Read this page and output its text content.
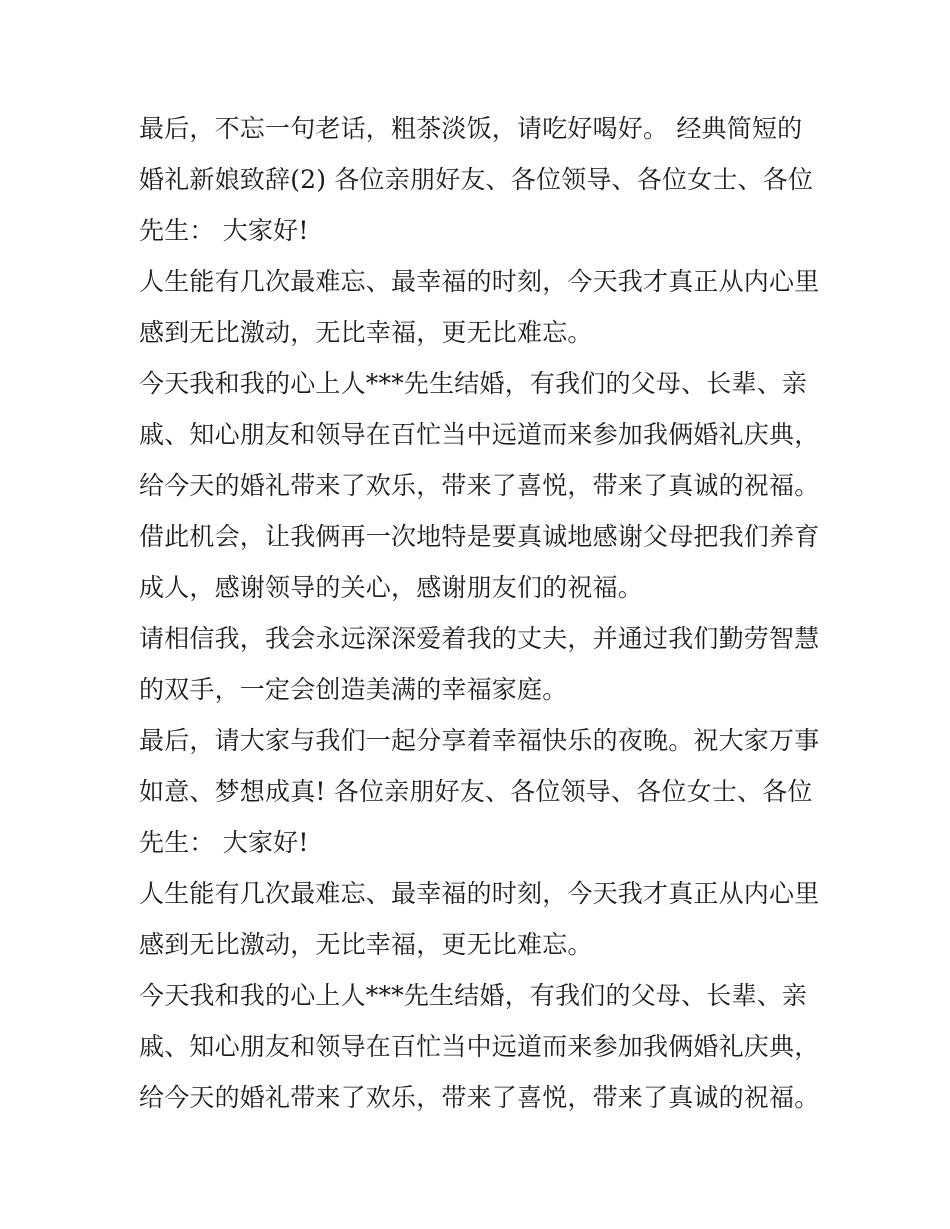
最后，不忘一句老话，粗茶淡饭，请吃好喝好。 经典简短的
婚礼新娘致辞(2) 各位亲朋好友、各位领导、各位女士、各位
先生： 大家好!
人生能有几次最难忘、最幸福的时刻，今天我才真正从内心里
感到无比激动，无比幸福，更无比难忘。
今天我和我的心上人***先生结婚，有我们的父母、长辈、亲
戚、知心朋友和领导在百忙当中远道而来参加我俩婚礼庆典，
给今天的婚礼带来了欢乐，带来了喜悦，带来了真诚的祝福。
借此机会，让我俩再一次地特是要真诚地感谢父母把我们养育
成人，感谢领导的关心，感谢朋友们的祝福。
请相信我，我会永远深深爱着我的丈夫，并通过我们勤劳智慧
的双手，一定会创造美满的幸福家庭。
最后，请大家与我们一起分享着幸福快乐的夜晚。祝大家万事
如意、梦想成真! 各位亲朋好友、各位领导、各位女士、各位
先生： 大家好!
人生能有几次最难忘、最幸福的时刻，今天我才真正从内心里
感到无比激动，无比幸福，更无比难忘。
今天我和我的心上人***先生结婚，有我们的父母、长辈、亲
戚、知心朋友和领导在百忙当中远道而来参加我俩婚礼庆典，
给今天的婚礼带来了欢乐，带来了喜悦，带来了真诚的祝福。
